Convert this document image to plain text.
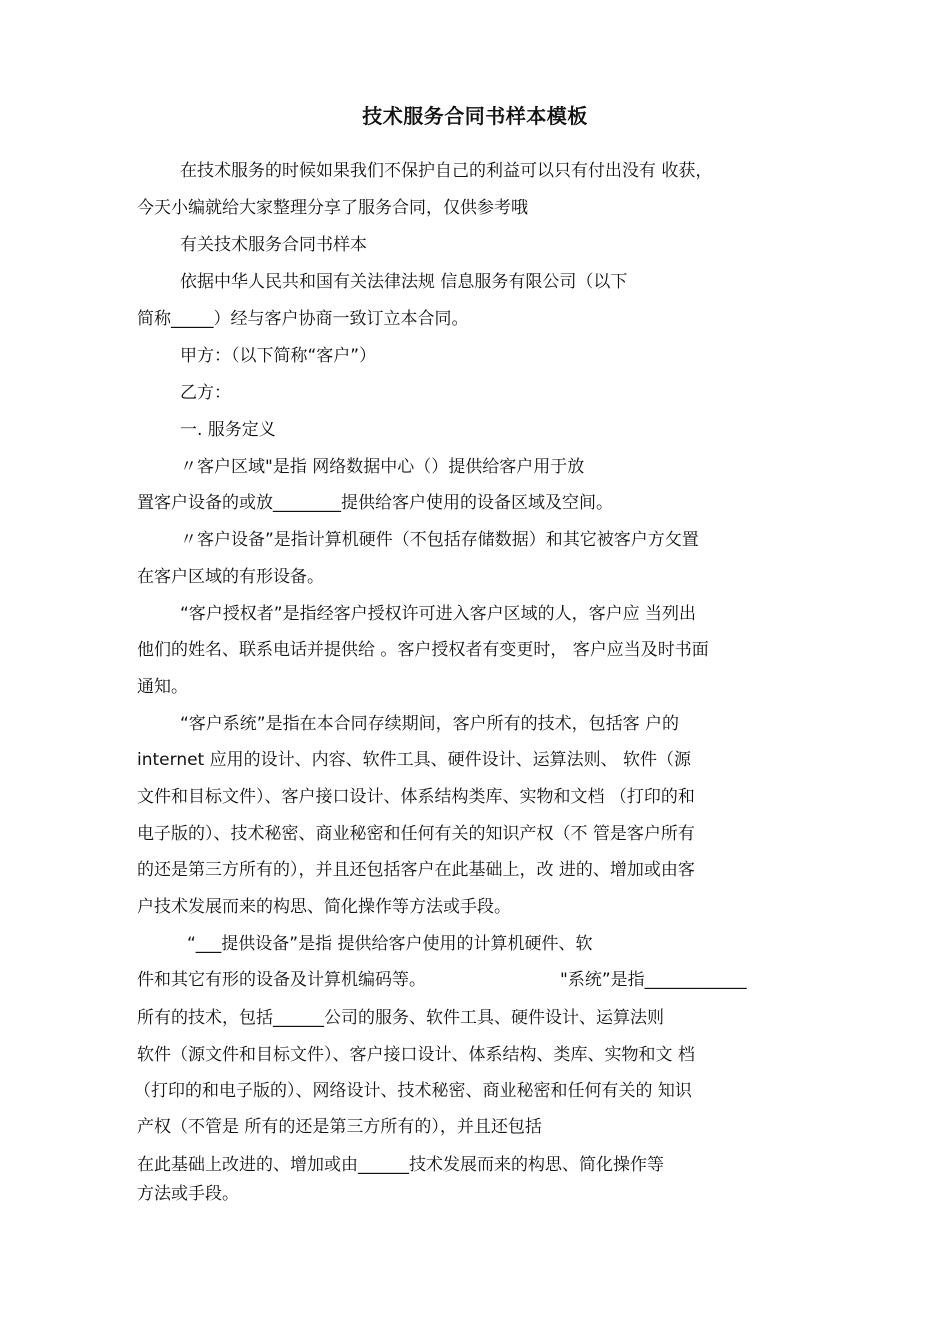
技术服务合同书样本模板
在技术服务的时候如果我们不保护自己的利益可以只有付出没有 收获，
今天小编就给大家整理分享了服务合同，仅供参考哦
有关技术服务合同书样本
依据中华人民共和国有关法律法规 信息服务有限公司（以下
简称_____）经与客户协商一致订立本合同。
甲方：（以下简称“客户”）
乙方：
一. 服务定义
〃客户区域"是指 网络数据中心（）提供给客户用于放
置客户设备的或放________提供给客户使用的设备区域及空间。
〃客户设备”是指计算机硬件（不包括存储数据）和其它被客户方攵置
在客户区域的有形设备。
“客户授权者”是指经客户授权许可进入客户区域的人，客户应 当列出
他们的姓名、联系电话并提供给 。客户授权者有变更时， 客户应当及时书面
通知。
“客户系统”是指在本合同存续期间，客户所有的技术，包括客 户的
internet 应用的设计、内容、软件工具、硬件设计、运算法则、 软件（源
文件和目标文件）、客户接口设计、体系结构类库、实物和文档 （打印的和
电子版的）、技术秘密、商业秘密和任何有关的知识产权（不 管是客户所有
的还是第三方所有的），并且还包括客户在此基础上，改 进的、增加或由客
户技术发展而来的构思、简化操作等方法或手段。
“___提供设备”是指 提供给客户使用的计算机硬件、软
件和其它有形的设备及计算机编码等。	"系统”是指____________
所有的技术，包括______公司的服务、软件工具、硬件设计、运算法则
软件（源文件和目标文件）、客户接口设计、体系结构、类库、实物和文 档
（打印的和电子版的）、网络设计、技术秘密、商业秘密和任何有关的 知识
产权（不管是 所有的还是第三方所有的），并且还包括
在此基础上改进的、增加或由______技术发展而来的构思、简化操作等
方法或手段。
